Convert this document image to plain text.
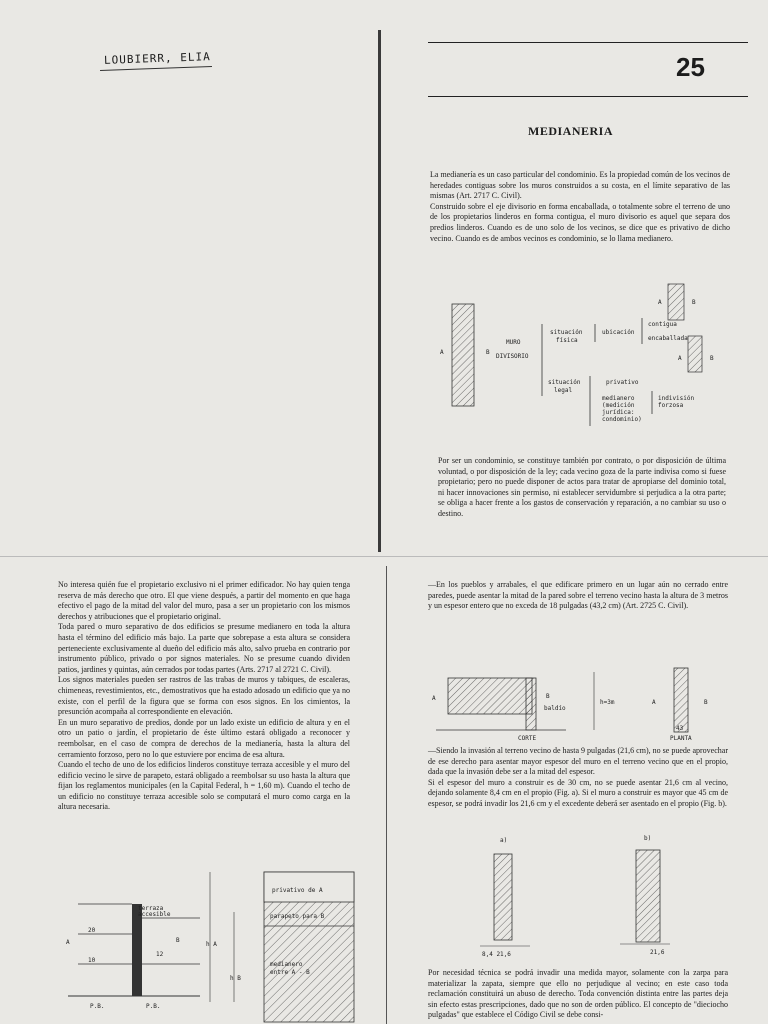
LOUBIERR, ELIA	25
MEDIANERIA

La medianería es un caso particular del condominio. Es la propiedad común de los vecinos de heredades contiguas sobre los muros construidos a su costa, en el límite separativo de las mismas (Art. 2717 C. Civil).

Construido sobre el eje divisorio en forma encaballada, o totalmente sobre el terreno de uno de los propietarios linderos en forma contigua, el muro divisorio es aquel que separa dos predios linderos. Cuando es de uno solo de los vecinos, se dice que es privativo de dicho vecino. Cuando es de ambos vecinos es condominio, se lo llama medianero.

A	B
MURO
DIVISORIO
situación
física
ubicación
A	B
contigua
encaballada
A	B
situación
legal
privativo
medianero
(medición
jurídica:
condominio)
indivisión
forzosa

Por ser un condominio, se constituye también por contrato, o por disposición de última voluntad, o por disposición de la ley; cada vecino goza de la parte indivisa como si fuese propietario; pero no puede disponer de actos para tratar de apropiarse del dominio total, ni hacer innovaciones sin permiso, ni establecer servidumbre si perjudica a la otra parte; se obliga a hacer frente a los gastos de conservación y reparación, a no cambiar su uso o destino.

No interesa quién fue el propietario exclusivo ni el primer edificador. No hay quien tenga reserva de más derecho que otro. El que viene después, a partir del momento en que haga efectivo el pago de la mitad del valor del muro, pasa a ser un propietario con los mismos derechos y atribuciones que el propietario original.

Toda pared o muro separativo de dos edificios se presume medianero en toda la altura hasta el término del edificio más bajo. La parte que sobrepase a esta altura se considera perteneciente exclusivamente al dueño del edificio más alto, salvo prueba en contrario por instrumento público, privado o por signos materiales. No se presume cuando dividen patios, jardines y quintas, aún cerrados por todas partes (Arts. 2717 al 2721 C. Civil).

Los signos materiales pueden ser rastros de las trabas de muros y tabiques, de escaleras, chimeneas, revestimientos, etc., demostrativos que ha estado adosado un edificio que ya no existe, con el perfil de la figura que se forma con esos signos. En los cimientos, la presunción acompaña al correspondiente en elevación.

En un muro separativo de predios, donde por un lado existe un edificio de altura y en el otro un patio o jardín, el propietario de éste último estará obligado a reconocer y reembolsar, en el caso de compra de derechos de la medianería, hasta la altura del cerramiento forzoso, pero no lo que estuviere por encima de esa altura.

Cuando el techo de uno de los edificios linderos constituye terraza accesible y el muro del edificio vecino le sirve de parapeto, estará obligado a reembolsar su uso hasta la altura que fijan los reglamentos municipales (en la Capital Federal, h = 1,60 m). Cuando el techo de un edificio no constituye terraza accesible solo se computará el muro como carga en la altura necesaria.

terraza
accesible
A	B
20
10
12
P.B.	P.B.
h A
h B
privativo de A
parapeto para B
medianero
entre A - B

—En los pueblos y arrabales, el que edificare primero en un lugar aún no cerrado entre paredes, puede asentar la mitad de la pared sobre el terreno vecino hasta la altura de 3 metros y un espesor entero que no exceda de 18 pulgadas (43,2 cm) (Art. 2725 C. Civil).

A	B
baldío
h=3m
CORTE
A	B
43
PLANTA

—Siendo la invasión al terreno vecino de hasta 9 pulgadas (21,6 cm), no se puede aprovechar de ese derecho para asentar mayor espesor del muro en el terreno vecino que en el propio, dada que la invasión debe ser a la mitad del espesor.

Si el espesor del muro a construir es de 30 cm, no se puede asentar 21,6 cm al vecino, dejando solamente 8,4 cm en el propio (Fig. a). Si el muro a construir es mayor que 45 cm de espesor, se podrá invadir los 21,6 cm y el excedente deberá ser asentado en el propio (Fig. b).

a)
8,4 21,6
b)
21,6

Por necesidad técnica se podrá invadir una medida mayor, solamente con la zarpa para materializar la zapata, siempre que ello no perjudique al vecino; en este caso toda reclamación constituirá un abuso de derecho. Toda convención distinta entre las partes deja sin efecto estas prescripciones, dado que no son de orden público. El concepto de "dieciocho pulgadas" que establece el Código Civil se debe consi-
